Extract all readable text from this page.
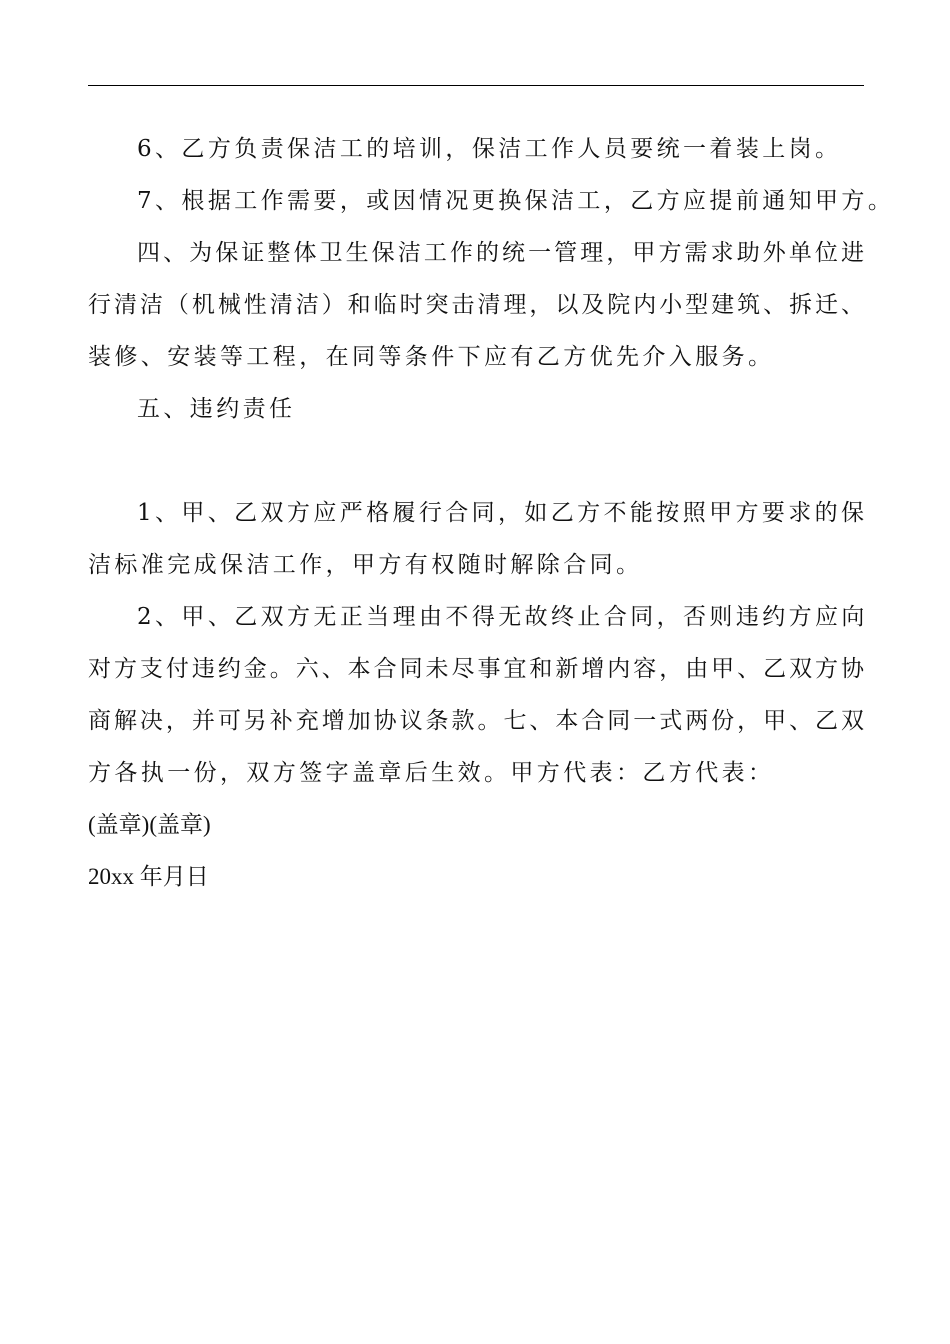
6、乙方负责保洁工的培训，保洁工作人员要统一着装上岗。
7、根据工作需要，或因情况更换保洁工，乙方应提前通知甲方。
四、为保证整体卫生保洁工作的统一管理，甲方需求助外单位进
行清洁（机械性清洁）和临时突击清理，以及院内小型建筑、拆迁、
装修、安装等工程，在同等条件下应有乙方优先介入服务。
五、违约责任
1、甲、乙双方应严格履行合同，如乙方不能按照甲方要求的保
洁标准完成保洁工作，甲方有权随时解除合同。
2、甲、乙双方无正当理由不得无故终止合同，否则违约方应向
对方支付违约金。六、本合同未尽事宜和新增内容，由甲、乙双方协
商解决，并可另补充增加协议条款。七、本合同一式两份，甲、乙双
方各执一份，双方签字盖章后生效。甲方代表：乙方代表：
(盖章)(盖章)
20xx 年月日
